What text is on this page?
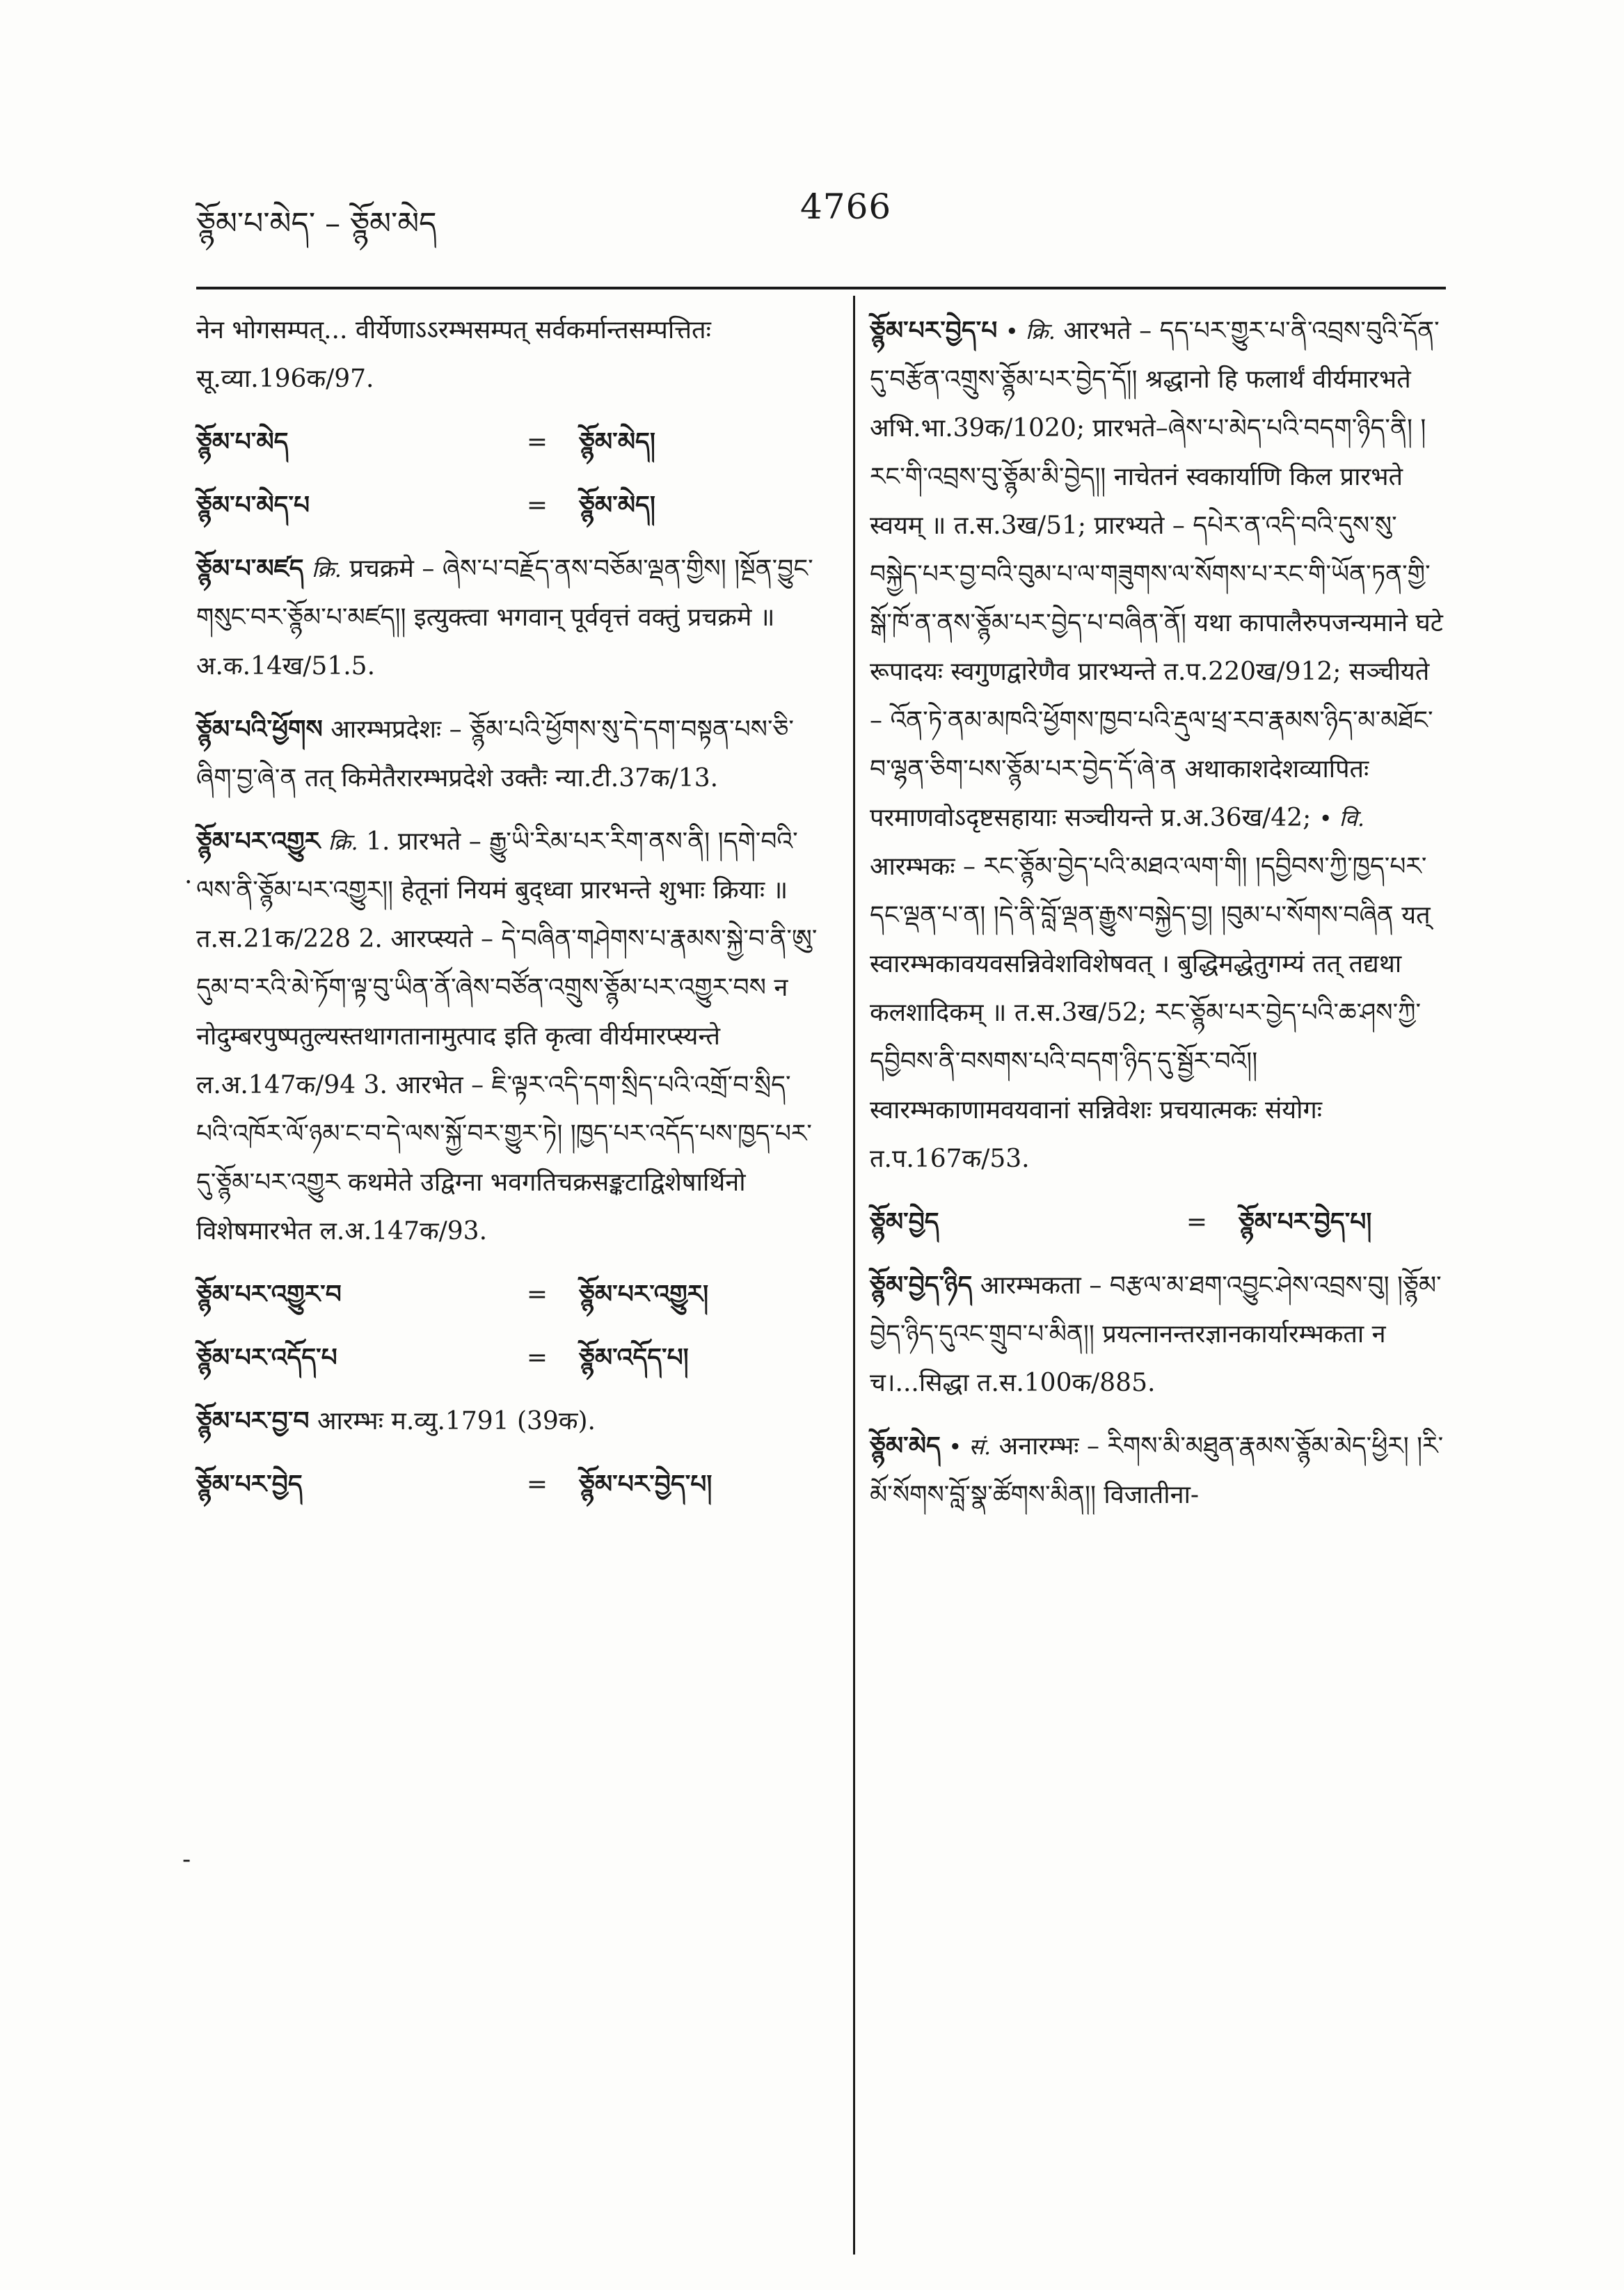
ཅྙོམ་པ་མེད་ – ཅྙོམ་མེད	4766
·
-

नेन भोगसम्पत्... वीर्येणाऽऽरम्भसम्पत् सर्वकर्मान्तसम्पत्तितः सू.व्या.196क/97.

ཅྙོམ་པ་མེད	=	ཅྙོམ་མེད།
ཅྙོམ་པ་མེད་པ	=	ཅྙོམ་མེད།

ཅྙོམ་པ་མཛད क्रि. प्रचक्रमे – ཞེས་པ་བརྗོད་ནས་བཅོམ་ལྡན་གྱིས། །སྔོན་བྱུང་གསུང་བར་ཅྙོམ་པ་མཛད།། इत्युक्त्वा भगवान् पूर्ववृत्तं वक्तुं प्रचक्रमे ॥ अ.क.14ख/51.5.

ཅྙོམ་པའི་ཕྱོགས आरम्भप्रदेशः – ཅྙོམ་པའི་ཕྱོགས་སུ་དེ་དག་བསྟན་པས་ཅི་ཞིག་བྱ་ཞེ་ན तत् किमेतैरारम्भप्रदेशे उक्तैः न्या.टी.37क/13.

ཅྙོམ་པར་འགྱུར क्रि. 1. प्रारभते – རྒྱུ་ཡི་རིམ་པར་རིག་ནས་ནི། །དགེ་བའི་ལས་ནི་ཅྙོམ་པར་འགྱུར།། हेतूनां नियमं बुद्ध्वा प्रारभन्ते शुभाः क्रियाः ॥ त.स.21क/228 2. आरप्स्यते – དེ་བཞིན་གཤེགས་པ་རྣམས་སྐྱེ་བ་ནི་ཨུ་དུམ་བ་རའི་མེ་ཏོག་ལྟ་བུ་ཡིན་ནོ་ཞེས་བཙོན་འགྲུས་ཅྙོམ་པར་འགྱུར་བས न नोदुम्बरपुष्पतुल्यस्तथागतानामुत्पाद इति कृत्वा वीर्यमारप्स्यन्ते ल.अ.147क/94 3. आरभेत – ཇི་ལྟར་འདི་དག་སྲིད་པའི་འགྲོ་བ་སྲིད་པའི་འཁོར་ལོ་ཉམ་ང་བ་དེ་ལས་སྐྱོ་བར་གྱུར་ཏེ། །ཁྱད་པར་འདོད་པས་ཁྱད་པར་དུ་ཅྙོམ་པར་འགྱུར कथमेते उद्विग्ना भवगतिचक्रसङ्कटाद्विशेषार्थिनो विशेषमारभेत ल.अ.147क/93.

ཅྙོམ་པར་འགྱུར་བ	=	ཅྙོམ་པར་འགྱུར།
ཅྙོམ་པར་འདོད་པ	=	ཅྙོམ་འདོད་པ།

ཅྙོམ་པར་བྱ་བ आरम्भः म.व्यु.1791 (39क).

ཅྙོམ་པར་བྱེད	=	ཅྙོམ་པར་བྱེད་པ།

ཅྙོམ་པར་བྱེད་པ • क्रि. आरभते – དད་པར་གྱུར་པ་ནི་འབྲས་བུའི་དོན་དུ་བརྩོན་འགྲུས་ཅྙོམ་པར་བྱེད་དོ།། श्रद्धानो हि फलार्थं वीर्यमारभते अभि.भा.39क/1020; प्रारभते–ཞེས་པ་མེད་པའི་བདག་ཉིད་ནི། །རང་གི་འབྲས་བུ་ཅྙོམ་མི་བྱེད།། नाचेतनं स्वकार्याणि किल प्रारभते स्वयम् ॥ त.स.3ख/51; प्रारभ्यते – དཔེར་ན་འདི་བའི་དུས་སུ་བསྐྱེད་པར་བྱ་བའི་བུམ་པ་ལ་གཟུགས་ལ་སོགས་པ་རང་གི་ཡོན་ཏན་གྱི་སྒོ་ཁོ་ན་ནས་ཅྙོམ་པར་བྱེད་པ་བཞིན་ནོ། यथा कापालैरुपजन्यमाने घटे रूपादयः स्वगुणद्वारेणैव प्रारभ्यन्ते त.प.220ख/912; सञ्चीयते – འོན་ཏེ་ནམ་མཁའི་ཕྱོགས་ཁྱབ་པའི་རྡུལ་ཕྲ་རབ་རྣམས་ཉིད་མ་མཐོང་བ་ལྷན་ཅིག་པས་ཅྙོམ་པར་བྱེད་དོ་ཞེ་ན अथाकाशदेशव्यापितः परमाणवोऽदृष्टसहायाः सञ्चीयन्ते प्र.अ.36ख/42; • वि. आरम्भकः – རང་ཅྙོམ་བྱེད་པའི་མཐའ་ལག་གི། །དབྱིབས་ཀྱི་ཁྱད་པར་དང་ལྡན་པ་ན། །དེ་ནི་བློ་ལྡན་རྒྱུས་བསྐྱེད་བྱ། །བུམ་པ་སོགས་བཞིན यत् स्वारम्भकावयवसन्निवेशविशेषवत् । बुद्धिमद्धेतुगम्यं तत् तद्यथा कलशादिकम् ॥ त.स.3ख/52; རང་ཅྙོམ་པར་བྱེད་པའི་ཆ་ཤས་ཀྱི་དབྱིབས་ནི་བསགས་པའི་བདག་ཉིད་དུ་སྦྱོར་བའོ།། स्वारम्भकाणामवयवानां सन्निवेशः प्रचयात्मकः संयोगः त.प.167क/53.

ཅྙོམ་བྱེད	=	ཅྙོམ་པར་བྱེད་པ།

ཅྙོམ་བྱེད་ཉིད आरम्भकता – བརྩལ་མ་ཐག་འབྱུང་ཤེས་འབྲས་བུ། །ཅྙོམ་བྱེད་ཉིད་དུའང་གྲུབ་པ་མིན།། प्रयत्नानन्तरज्ञानकार्यारम्भकता न च।...सिद्धा त.स.100क/885.

ཅྙོམ་མེད • सं. अनारम्भः – རིགས་མི་མཐུན་རྣམས་ཅྙོམ་མེད་ཕྱིར། །རི་མོ་སོགས་བློ་སྣ་ཚོགས་མིན།། विजातीना-
